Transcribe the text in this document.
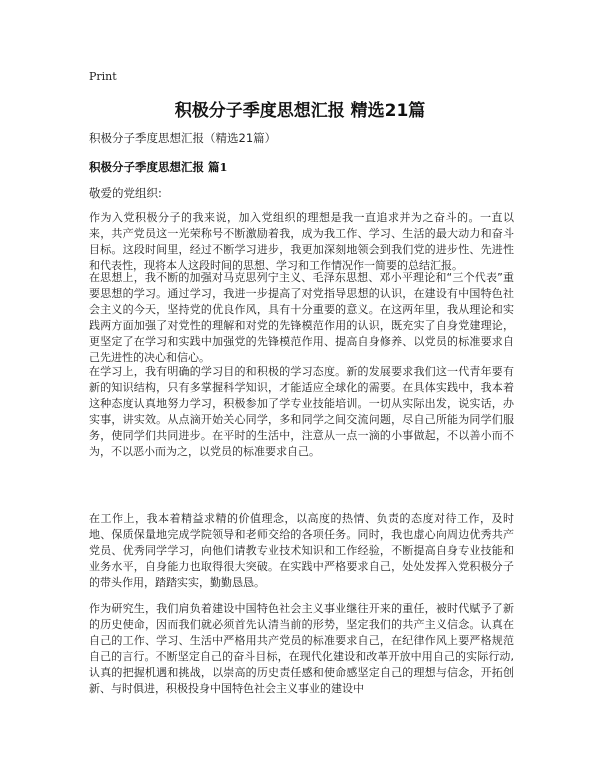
Print
积极分子季度思想汇报 精选21篇
积极分子季度思想汇报（精选21篇）
积极分子季度思想汇报 篇1
敬爱的党组织:

作为入党积极分子的我来说，加入党组织的理想是我一直追求并为之奋斗的。一直以来，共产党员这一光荣称号不断激励着我，成为我工作、学习、生活的最大动力和奋斗目标。这段时间里，经过不断学习进步，我更加深刻地领会到我们党的进步性、先进性和代表性，现将本人这段时间的思想、学习和工作情况作一简要的总结汇报。

在思想上，我不断的加强对马克思列宁主义、毛泽东思想、邓小平理论和“三个代表”重要思想的学习。通过学习，我进一步提高了对党指导思想的认识，在建设有中国特色社会主义的今天，坚持党的优良作风，具有十分重要的意义。在这两年里，我从理论和实践两方面加强了对党性的理解和对党的先锋模范作用的认识，既充实了自身党建理论，更坚定了在学习和实践中加强党的先锋模范作用、提高自身修养、以党员的标准要求自己先进性的决心和信心。

在学习上，我有明确的学习目的和积极的学习态度。新的发展要求我们这一代青年要有新的知识结构，只有多掌握科学知识，才能适应全球化的需要。在具体实践中，我本着这种态度认真地努力学习，积极参加了学专业技能培训。一切从实际出发，说实话，办实事，讲实效。从点滴开始关心同学，多和同学之间交流问题，尽自己所能为同学们服务，使同学们共同进步。在平时的生活中，注意从一点一滴的小事做起，不以善小而不为，不以恶小而为之，以党员的标准要求自己。

在工作上，我本着精益求精的价值理念，以高度的热情、负责的态度对待工作，及时地、保质保量地完成学院领导和老师交给的各项任务。同时，我也虚心向周边优秀共产党员、优秀同学学习，向他们请教专业技术知识和工作经验，不断提高自身专业技能和业务水平，自身能力也取得很大突破。在实践中严格要求自己，处处发挥入党积极分子的带头作用，踏踏实实，勤勤恳恳。

作为研究生，我们肩负着建设中国特色社会主义事业继往开来的重任，被时代赋予了新的历史使命，因而我们就必须首先认清当前的形势，坚定我们的共产主义信念。认真在自己的工作、学习、生活中严格用共产党员的标准要求自己，在纪律作风上要严格规范自己的言行。不断坚定自己的奋斗目标，在现代化建设和改革开放中用自己的实际行动,认真的把握机遇和挑战，以崇高的历史责任感和使命感坚定自己的理想与信念，开拓创新、与时俱进，积极投身中国特色社会主义事业的建设中
